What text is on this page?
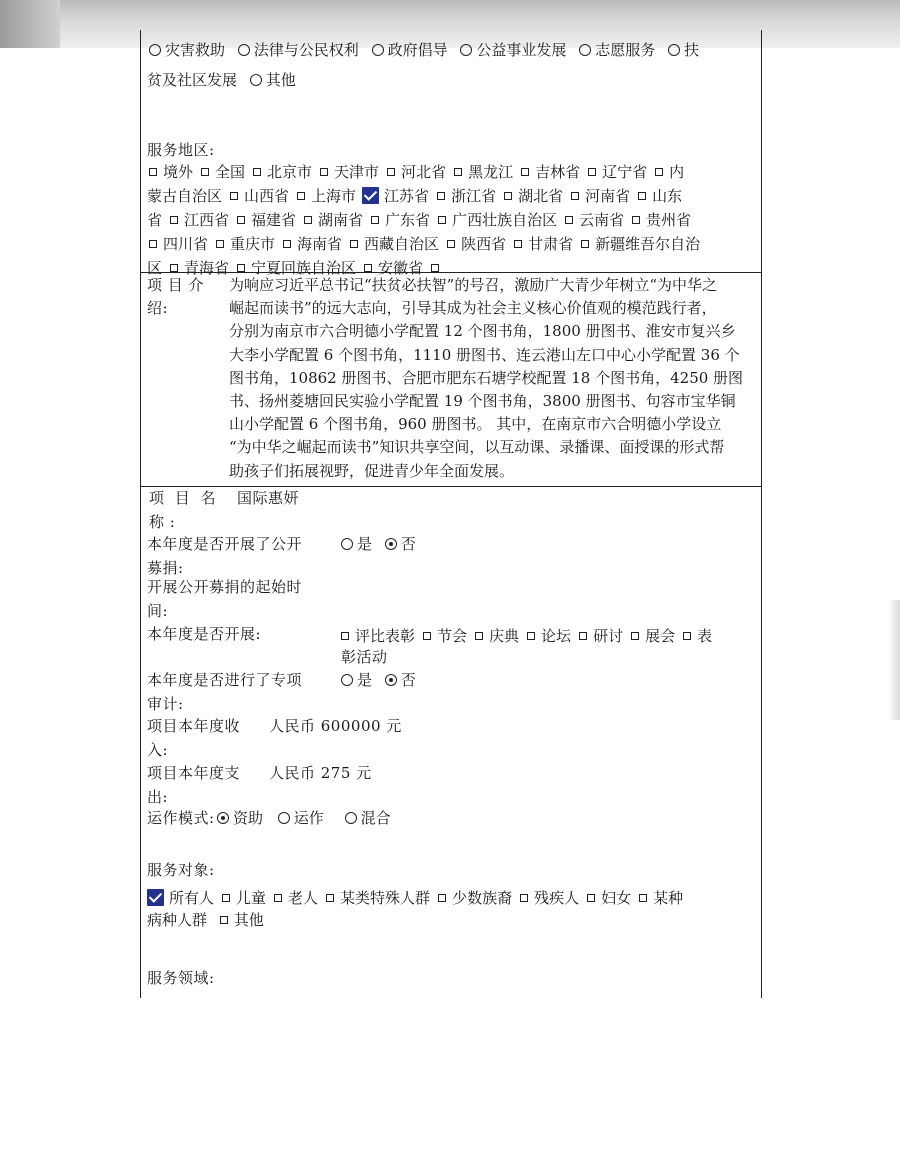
灾害救助 法律与公民权利 政府倡导 公益事业发展 志愿服务 扶
贫及社区发展 其他
服务地区:
境外 全国 北京市 天津市 河北省 黑龙江 吉林省 辽宁省 内
蒙古自治区 山西省 上海市 江苏省 浙江省 湖北省 河南省 山东
省 江西省 福建省 湖南省 广东省 广西壮族自治区 云南省 贵州省
四川省 重庆市 海南省 西藏自治区 陕西省 甘肃省 新疆维吾尔自治
区 青海省 宁夏回族自治区 安徽省
项 目 介
绍:
为响应习近平总书记“扶贫必扶智”的号召，激励广大青少年树立“为中华之
崛起而读书”的远大志向，引导其成为社会主义核心价值观的模范践行者，
分别为南京市六合明德小学配置 12 个图书角，1800 册图书、淮安市复兴乡
大李小学配置 6 个图书角，1110 册图书、连云港山左口中心小学配置 36 个
图书角，10862 册图书、合肥市肥东石塘学校配置 18 个图书角，4250 册图
书、扬州菱塘回民实验小学配置 19 个图书角，3800 册图书、句容市宝华铜
山小学配置 6 个图书角，960 册图书。 其中，在南京市六合明德小学设立
“为中华之崛起而读书”知识共享空间，以互动课、录播课、面授课的形式帮
助孩子们拓展视野，促进青少年全面发展。
项 目 名 国际惠妍
称 :
本年度是否开展了公开
募捐:
是 否
开展公开募捐的起始时
间:
本年度是否开展:	评比表彰 节会 庆典 论坛 研讨 展会 表
彰活动
本年度是否进行了专项
审计:
是 否
项目本年度收 人民币 600000 元
入:
项目本年度支 人民币 275 元
出:
运作模式:	资助 运作 混合
服务对象:
所有人 儿童 老人 某类特殊人群 少数族裔 残疾人 妇女 某种
病种人群 其他
服务领域:
